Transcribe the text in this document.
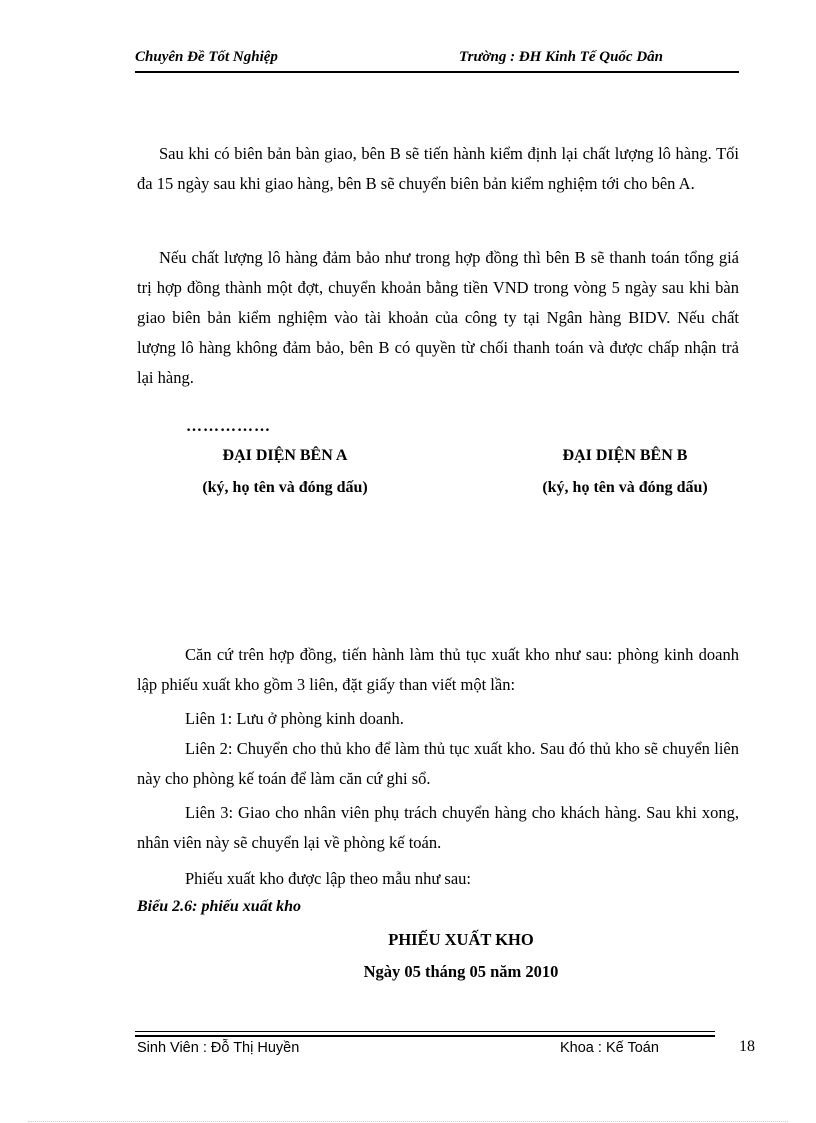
Chuyên Đề Tốt Nghiệp	Trường : ĐH Kinh Tế Quốc Dân

Sau khi có biên bản bàn giao, bên B sẽ tiến hành kiểm định lại chất lượng lô hàng. Tối đa 15 ngày sau khi giao hàng, bên B sẽ chuyển biên bản kiểm nghiệm tới cho bên A.

Nếu chất lượng lô hàng đảm bảo như trong hợp đồng thì bên B sẽ thanh toán tổng giá trị hợp đồng thành một đợt, chuyển khoản bằng tiền VND trong vòng 5 ngày sau khi bàn giao biên bản kiểm nghiệm vào tài khoản của công ty tại Ngân hàng BIDV. Nếu chất lượng lô hàng không đảm bảo, bên B có quyền từ chối thanh toán và được chấp nhận trả lại hàng.

……………
ĐẠI DIỆN BÊN A
(ký, họ tên và đóng dấu)
ĐẠI DIỆN BÊN B
(ký, họ tên và đóng dấu)

Căn cứ trên hợp đồng, tiến hành làm thủ tục xuất kho như sau: phòng kinh doanh lập phiếu xuất kho gồm 3 liên, đặt giấy than viết một lần:

Liên 1: Lưu ở phòng kinh doanh.

Liên 2: Chuyển cho thủ kho để làm thủ tục xuất kho. Sau đó thủ kho sẽ chuyển liên này cho phòng kế toán để làm căn cứ ghi sổ.

Liên 3: Giao cho nhân viên phụ trách chuyển hàng cho khách hàng. Sau khi xong, nhân viên này sẽ chuyển lại về phòng kế toán.

Phiếu xuất kho được lập theo mẫu như sau:

Biểu 2.6: phiếu xuất kho
PHIẾU XUẤT KHO
Ngày 05 tháng 05 năm 2010
Sinh Viên : Đỗ Thị Huyền	Khoa : Kế Toán	18
